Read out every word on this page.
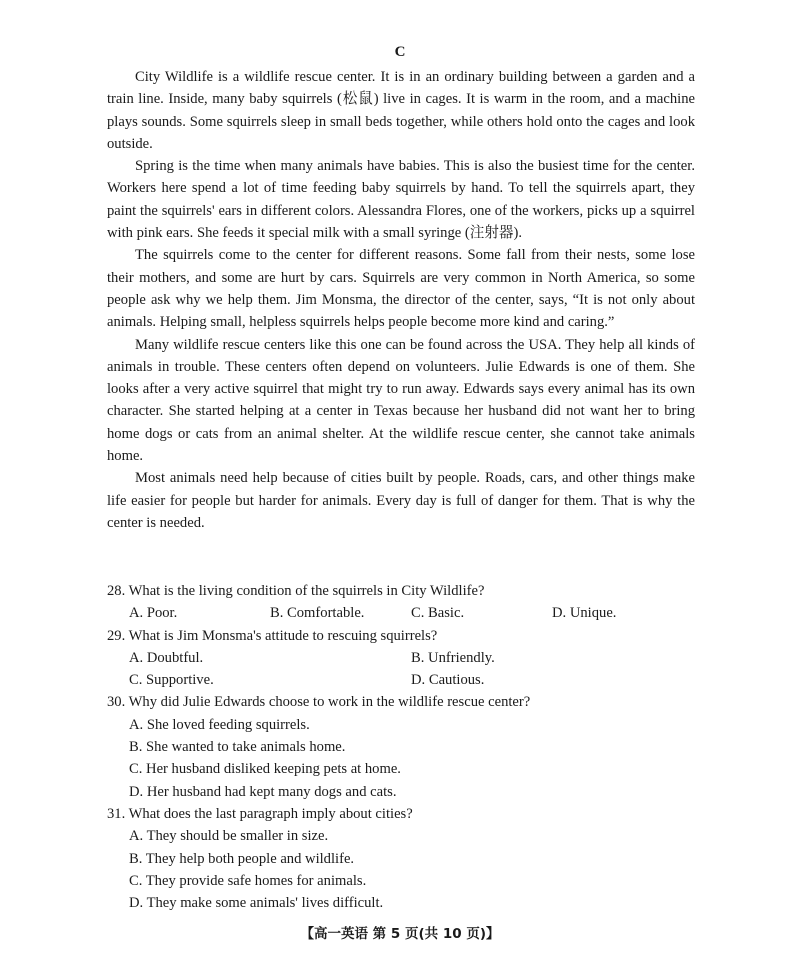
C

City Wildlife is a wildlife rescue center. It is in an ordinary building between a garden and a train line. Inside, many baby squirrels (松鼠) live in cages. It is warm in the room, and a machine plays sounds. Some squirrels sleep in small beds together, while others hold onto the cages and look outside.

Spring is the time when many animals have babies. This is also the busiest time for the center. Workers here spend a lot of time feeding baby squirrels by hand. To tell the squirrels apart, they paint the squirrels' ears in different colors. Alessandra Flores, one of the workers, picks up a squirrel with pink ears. She feeds it special milk with a small syringe (注射器).

The squirrels come to the center for different reasons. Some fall from their nests, some lose their mothers, and some are hurt by cars. Squirrels are very common in North America, so some people ask why we help them. Jim Monsma, the director of the center, says, “It is not only about animals. Helping small, helpless squirrels helps people become more kind and caring.”

Many wildlife rescue centers like this one can be found across the USA. They help all kinds of animals in trouble. These centers often depend on volunteers. Julie Edwards is one of them. She looks after a very active squirrel that might try to run away. Edwards says every animal has its own character. She started helping at a center in Texas because her husband did not want her to bring home dogs or cats from an animal shelter. At the wildlife rescue center, she cannot take animals home.

Most animals need help because of cities built by people. Roads, cars, and other things make life easier for people but harder for animals. Every day is full of danger for them. That is why the center is needed.

28. What is the living condition of the squirrels in City Wildlife?

A. Poor.	B. Comfortable.	C. Basic.	D. Unique.

29. What is Jim Monsma's attitude to rescuing squirrels?

A. Doubtful.	B. Unfriendly.
C. Supportive.	D. Cautious.

30. Why did Julie Edwards choose to work in the wildlife rescue center?

A. She loved feeding squirrels.
B. She wanted to take animals home.
C. Her husband disliked keeping pets at home.
D. Her husband had kept many dogs and cats.

31. What does the last paragraph imply about cities?

A. They should be smaller in size.
B. They help both people and wildlife.
C. They provide safe homes for animals.
D. They make some animals' lives difficult.
【高一英语 第 5 页(共 10 页)】
